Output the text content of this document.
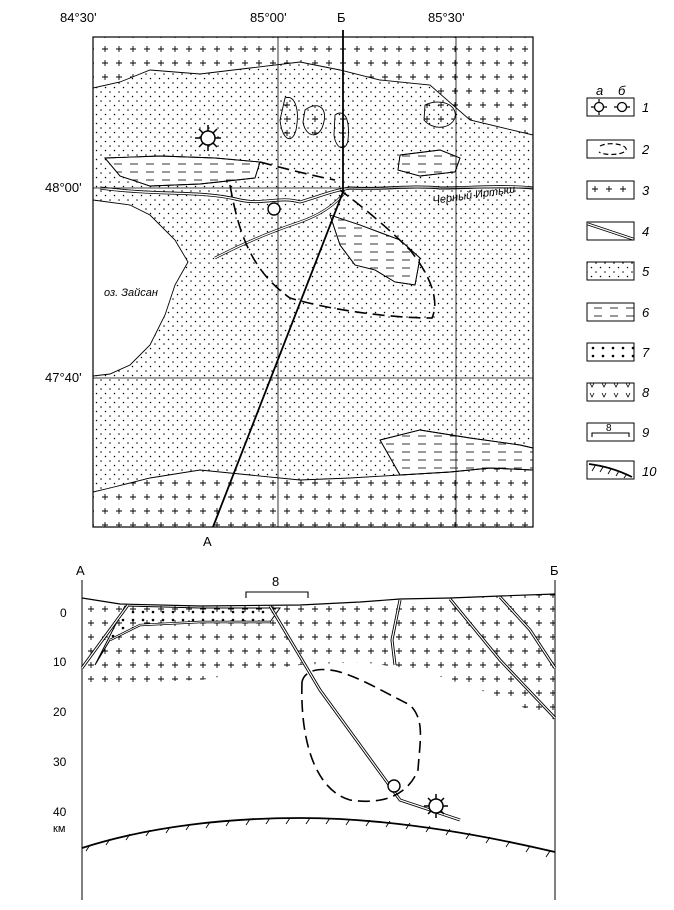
84°30'	85°00'	85°30'
Б
48°00'
47°40'
А
оз. Зайсан
Черный Иртыш
а б
1
2
3
4
5
6
7
8
8 9
10
А	Б
8
0
10
20
30
40
км
